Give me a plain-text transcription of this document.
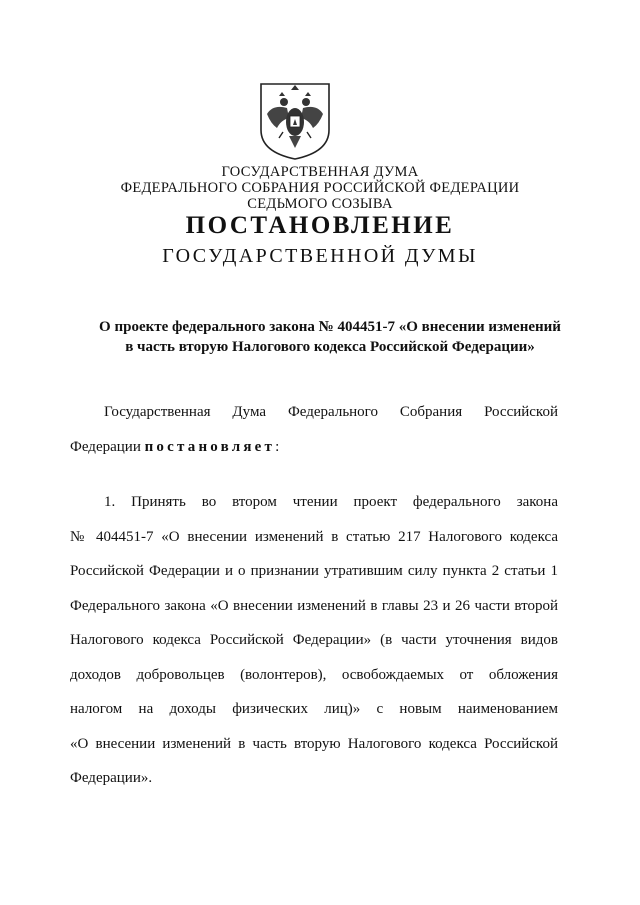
ГОСУДАРСТВЕННАЯ ДУМА
ФЕДЕРАЛЬНОГО СОБРАНИЯ РОССИЙСКОЙ ФЕДЕРАЦИИ
СЕДЬМОГО СОЗЫВА
ПОСТАНОВЛЕНИЕ
ГОСУДАРСТВЕННОЙ ДУМЫ
О проекте федерального закона № 404451-7 «О внесении изменений
в часть вторую Налогового кодекса Российской Федерации»
Государственная Дума Федерального Собрания Российской
Федерации постановляет:
1. Принять во втором чтении проект федерального закона
№ 404451-7 «О внесении изменений в статью 217 Налогового кодекса
Российской Федерации и о признании утратившим силу пункта 2 статьи 1
Федерального закона «О внесении изменений в главы 23 и 26 части второй
Налогового кодекса Российской Федерации» (в части уточнения видов
доходов добровольцев (волонтеров), освобождаемых от обложения
налогом на доходы физических лиц)» с новым наименованием
«О внесении изменений в часть вторую Налогового кодекса Российской
Федерации».
